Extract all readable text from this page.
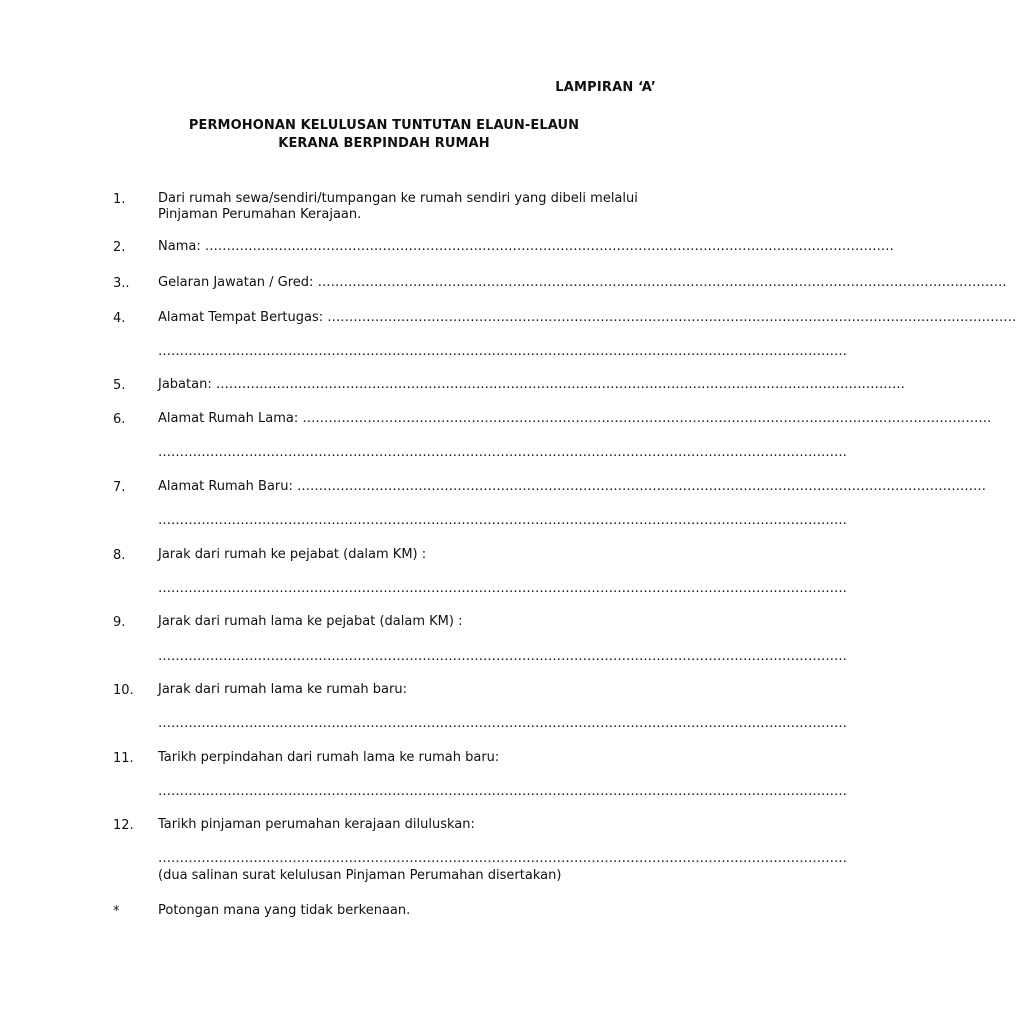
LAMPIRAN ‘A’
PERMOHONAN KELULUSAN TUNTUTAN ELAUN-ELAUN
KERANA BERPINDAH RUMAH
1.	Dari rumah sewa/sendiri/tumpangan ke rumah sendiri yang dibeli melalui
Pinjaman Perumahan Kerajaan.
2.	Nama: ……………………………………………………………………………………………………………………………………………
3.. Gelaran Jawatan / Gred: ……………………………………………………………………………………………………………………………………………
4.	Alamat Tempat Bertugas: ……………………………………………………………………………………………………………………………………………
……………………………………………………………………………………………………………………………………………
5.	Jabatan: ……………………………………………………………………………………………………………………………………………
6.	Alamat Rumah Lama: ……………………………………………………………………………………………………………………………………………
……………………………………………………………………………………………………………………………………………
7.	Alamat Rumah Baru: ……………………………………………………………………………………………………………………………………………
……………………………………………………………………………………………………………………………………………
8.	Jarak dari rumah ke pejabat (dalam KM) :
……………………………………………………………………………………………………………………………………………
9.	Jarak dari rumah lama ke pejabat (dalam KM) :
……………………………………………………………………………………………………………………………………………
10. Jarak dari rumah lama ke rumah baru:
……………………………………………………………………………………………………………………………………………
11. Tarikh perpindahan dari rumah lama ke rumah baru:
……………………………………………………………………………………………………………………………………………
12. Tarikh pinjaman perumahan kerajaan diluluskan:
……………………………………………………………………………………………………………………………………………
(dua salinan surat kelulusan Pinjaman Perumahan disertakan)
*	Potongan mana yang tidak berkenaan.
